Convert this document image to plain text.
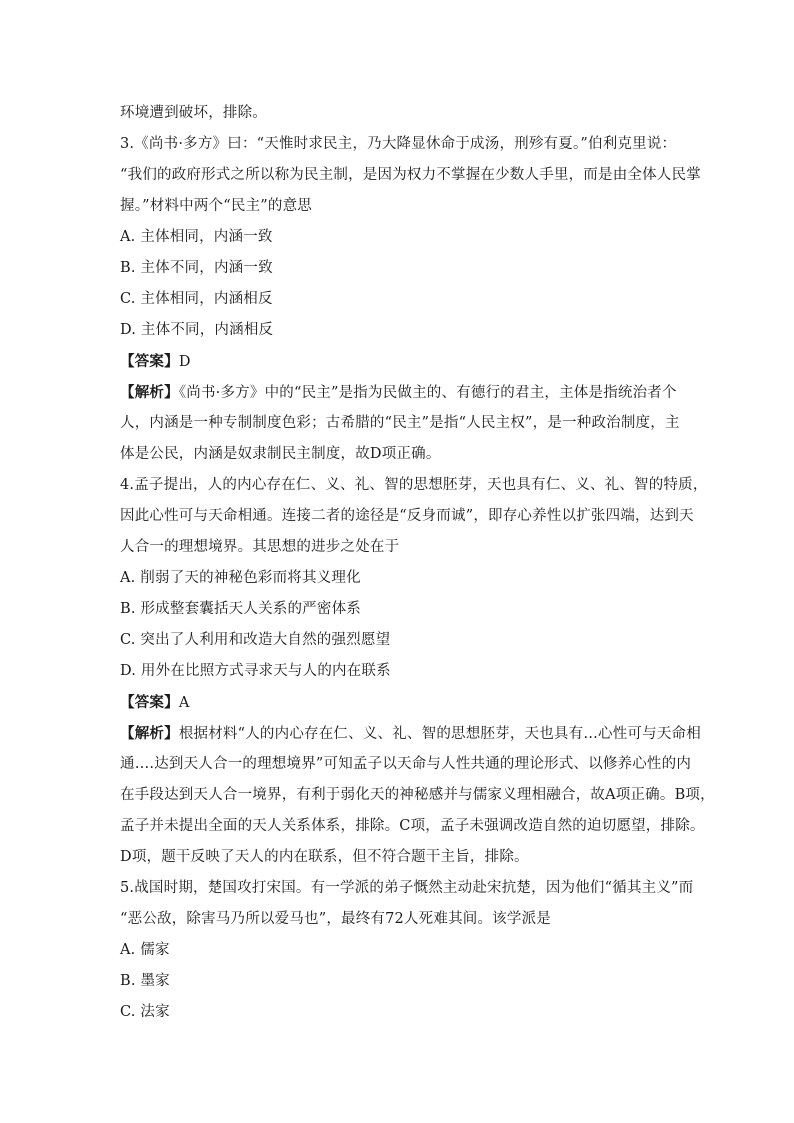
环境遭到破坏，排除。
3.《尚书·多方》曰：“天惟时求民主，乃大降显休命于成汤，刑殄有夏。”伯利克里说：
“我们的政府形式之所以称为民主制，是因为权力不掌握在少数人手里，而是由全体人民掌
握。”材料中两个“民主”的意思
A. 主体相同，内涵一致
B. 主体不同，内涵一致
C. 主体相同，内涵相反
D. 主体不同，内涵相反
【答案】D
【解析】《尚书·多方》中的“民主”是指为民做主的、有德行的君主，主体是指统治者个
人，内涵是一种专制制度色彩；古希腊的“民主”是指“人民主权”，是一种政治制度，主
体是公民，内涵是奴隶制民主制度，故D项正确。
4.孟子提出，人的内心存在仁、义、礼、智的思想胚芽，天也具有仁、义、礼、智的特质，
因此心性可与天命相通。连接二者的途径是“反身而诚”，即存心养性以扩张四端，达到天
人合一的理想境界。其思想的进步之处在于
A. 削弱了天的神秘色彩而将其义理化
B. 形成整套囊括天人关系的严密体系
C. 突出了人利用和改造大自然的强烈愿望
D. 用外在比照方式寻求天与人的内在联系
【答案】A
【解析】根据材料“人的内心存在仁、义、礼、智的思想胚芽，天也具有…心性可与天命相
通….达到天人合一的理想境界”可知孟子以天命与人性共通的理论形式、以修养心性的内
在手段达到天人合一境界，有利于弱化天的神秘感并与儒家义理相融合，故A项正确。B项，
孟子并未提出全面的天人关系体系，排除。C项，孟子未强调改造自然的迫切愿望，排除。
D项，题干反映了天人的内在联系，但不符合题干主旨，排除。
5.战国时期，楚国攻打宋国。有一学派的弟子慨然主动赴宋抗楚，因为他们“循其主义”而
“恶公敌，除害马乃所以爱马也”，最终有72人死难其间。该学派是
A. 儒家
B. 墨家
C. 法家
